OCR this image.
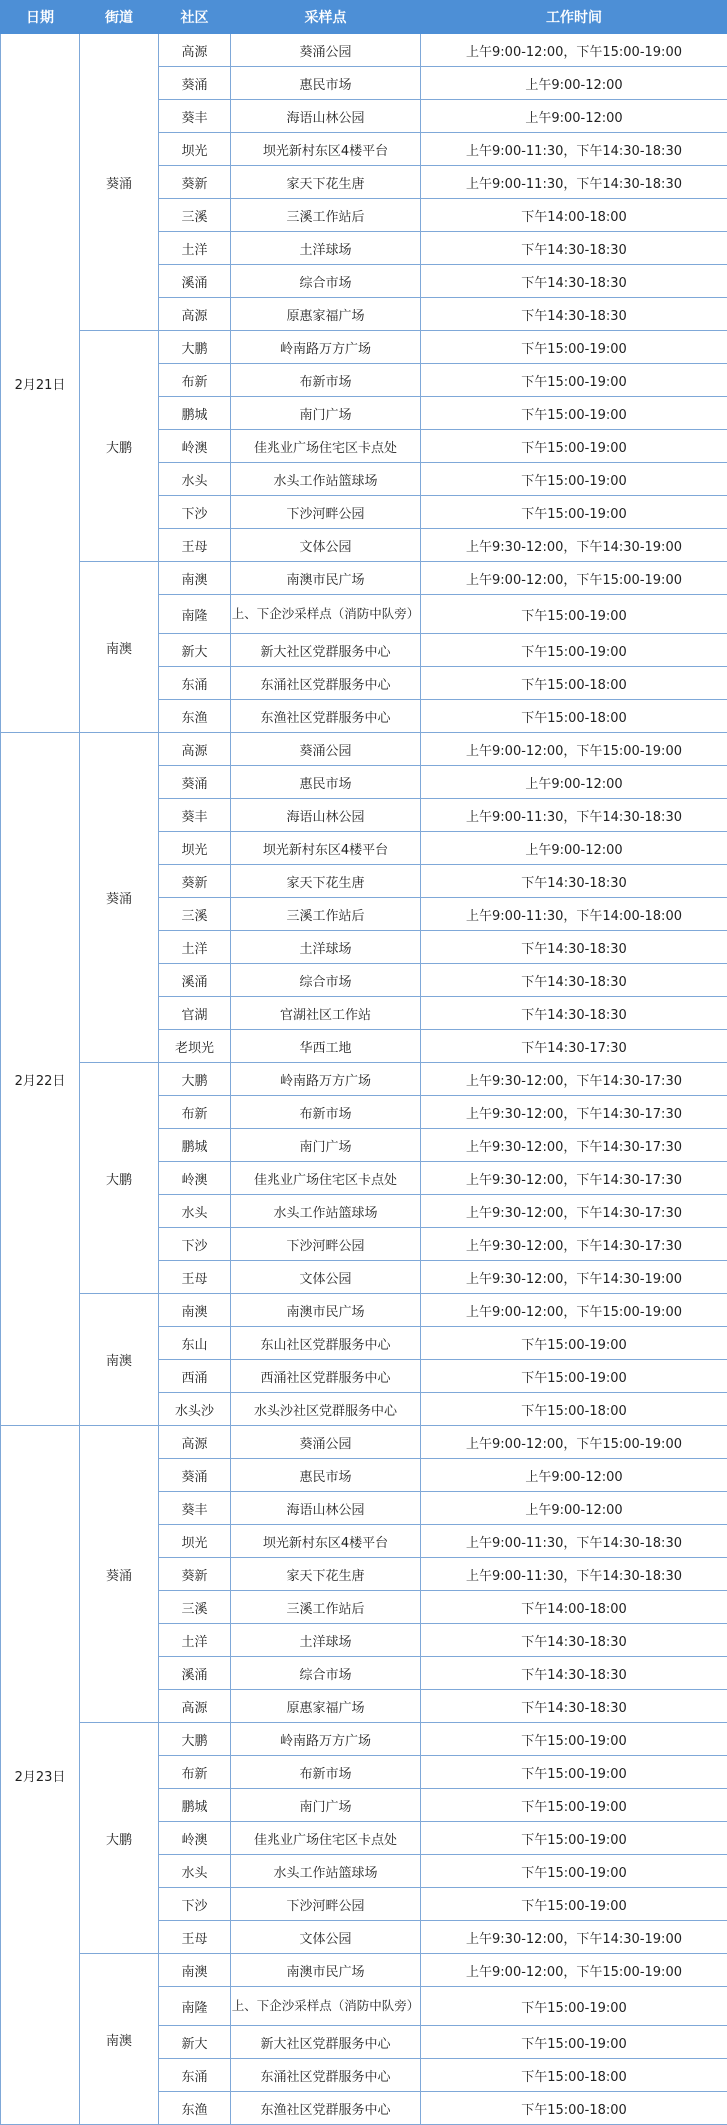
日期	街道	社区	采样点	工作时间
2月21日	葵涌	高源	葵涌公园	上午9:00-12:00，下午15:00-19:00
		葵涌	惠民市场	上午9:00-12:00
		葵丰	海语山林公园	上午9:00-12:00
		坝光	坝光新村东区4楼平台	上午9:00-11:30，下午14:30-18:30
		葵新	家天下花生唐	上午9:00-11:30，下午14:30-18:30
		三溪	三溪工作站后	下午14:00-18:00
		土洋	土洋球场	下午14:30-18:30
		溪涌	综合市场	下午14:30-18:30
		高源	原惠家福广场	下午14:30-18:30
	大鹏	大鹏	岭南路万方广场	下午15:00-19:00
		布新	布新市场	下午15:00-19:00
		鹏城	南门广场	下午15:00-19:00
		岭澳	佳兆业广场住宅区卡点处	下午15:00-19:00
		水头	水头工作站篮球场	下午15:00-19:00
		下沙	下沙河畔公园	下午15:00-19:00
		王母	文体公园	上午9:30-12:00，下午14:30-19:00
	南澳	南澳	南澳市民广场	上午9:00-12:00，下午15:00-19:00
		南隆	上、下企沙采样点（消防中队旁）	下午15:00-19:00
		新大	新大社区党群服务中心	下午15:00-19:00
		东涌	东涌社区党群服务中心	下午15:00-18:00
		东渔	东渔社区党群服务中心	下午15:00-18:00
2月22日	葵涌	高源	葵涌公园	上午9:00-12:00，下午15:00-19:00
		葵涌	惠民市场	上午9:00-12:00
		葵丰	海语山林公园	上午9:00-11:30，下午14:30-18:30
		坝光	坝光新村东区4楼平台	上午9:00-12:00
		葵新	家天下花生唐	下午14:30-18:30
		三溪	三溪工作站后	上午9:00-11:30，下午14:00-18:00
		土洋	土洋球场	下午14:30-18:30
		溪涌	综合市场	下午14:30-18:30
		官湖	官湖社区工作站	下午14:30-18:30
		老坝光	华西工地	下午14:30-17:30
	大鹏	大鹏	岭南路万方广场	上午9:30-12:00，下午14:30-17:30
		布新	布新市场	上午9:30-12:00，下午14:30-17:30
		鹏城	南门广场	上午9:30-12:00，下午14:30-17:30
		岭澳	佳兆业广场住宅区卡点处	上午9:30-12:00，下午14:30-17:30
		水头	水头工作站篮球场	上午9:30-12:00，下午14:30-17:30
		下沙	下沙河畔公园	上午9:30-12:00，下午14:30-17:30
		王母	文体公园	上午9:30-12:00，下午14:30-19:00
	南澳	南澳	南澳市民广场	上午9:00-12:00，下午15:00-19:00
		东山	东山社区党群服务中心	下午15:00-19:00
		西涌	西涌社区党群服务中心	下午15:00-19:00
		水头沙	水头沙社区党群服务中心	下午15:00-18:00
2月23日	葵涌	高源	葵涌公园	上午9:00-12:00，下午15:00-19:00
		葵涌	惠民市场	上午9:00-12:00
		葵丰	海语山林公园	上午9:00-12:00
		坝光	坝光新村东区4楼平台	上午9:00-11:30，下午14:30-18:30
		葵新	家天下花生唐	上午9:00-11:30，下午14:30-18:30
		三溪	三溪工作站后	下午14:00-18:00
		土洋	土洋球场	下午14:30-18:30
		溪涌	综合市场	下午14:30-18:30
		高源	原惠家福广场	下午14:30-18:30
	大鹏	大鹏	岭南路万方广场	下午15:00-19:00
		布新	布新市场	下午15:00-19:00
		鹏城	南门广场	下午15:00-19:00
		岭澳	佳兆业广场住宅区卡点处	下午15:00-19:00
		水头	水头工作站篮球场	下午15:00-19:00
		下沙	下沙河畔公园	下午15:00-19:00
		王母	文体公园	上午9:30-12:00，下午14:30-19:00
	南澳	南澳	南澳市民广场	上午9:00-12:00，下午15:00-19:00
		南隆	上、下企沙采样点（消防中队旁）	下午15:00-19:00
		新大	新大社区党群服务中心	下午15:00-19:00
		东涌	东涌社区党群服务中心	下午15:00-18:00
		东渔	东渔社区党群服务中心	下午15:00-18:00
